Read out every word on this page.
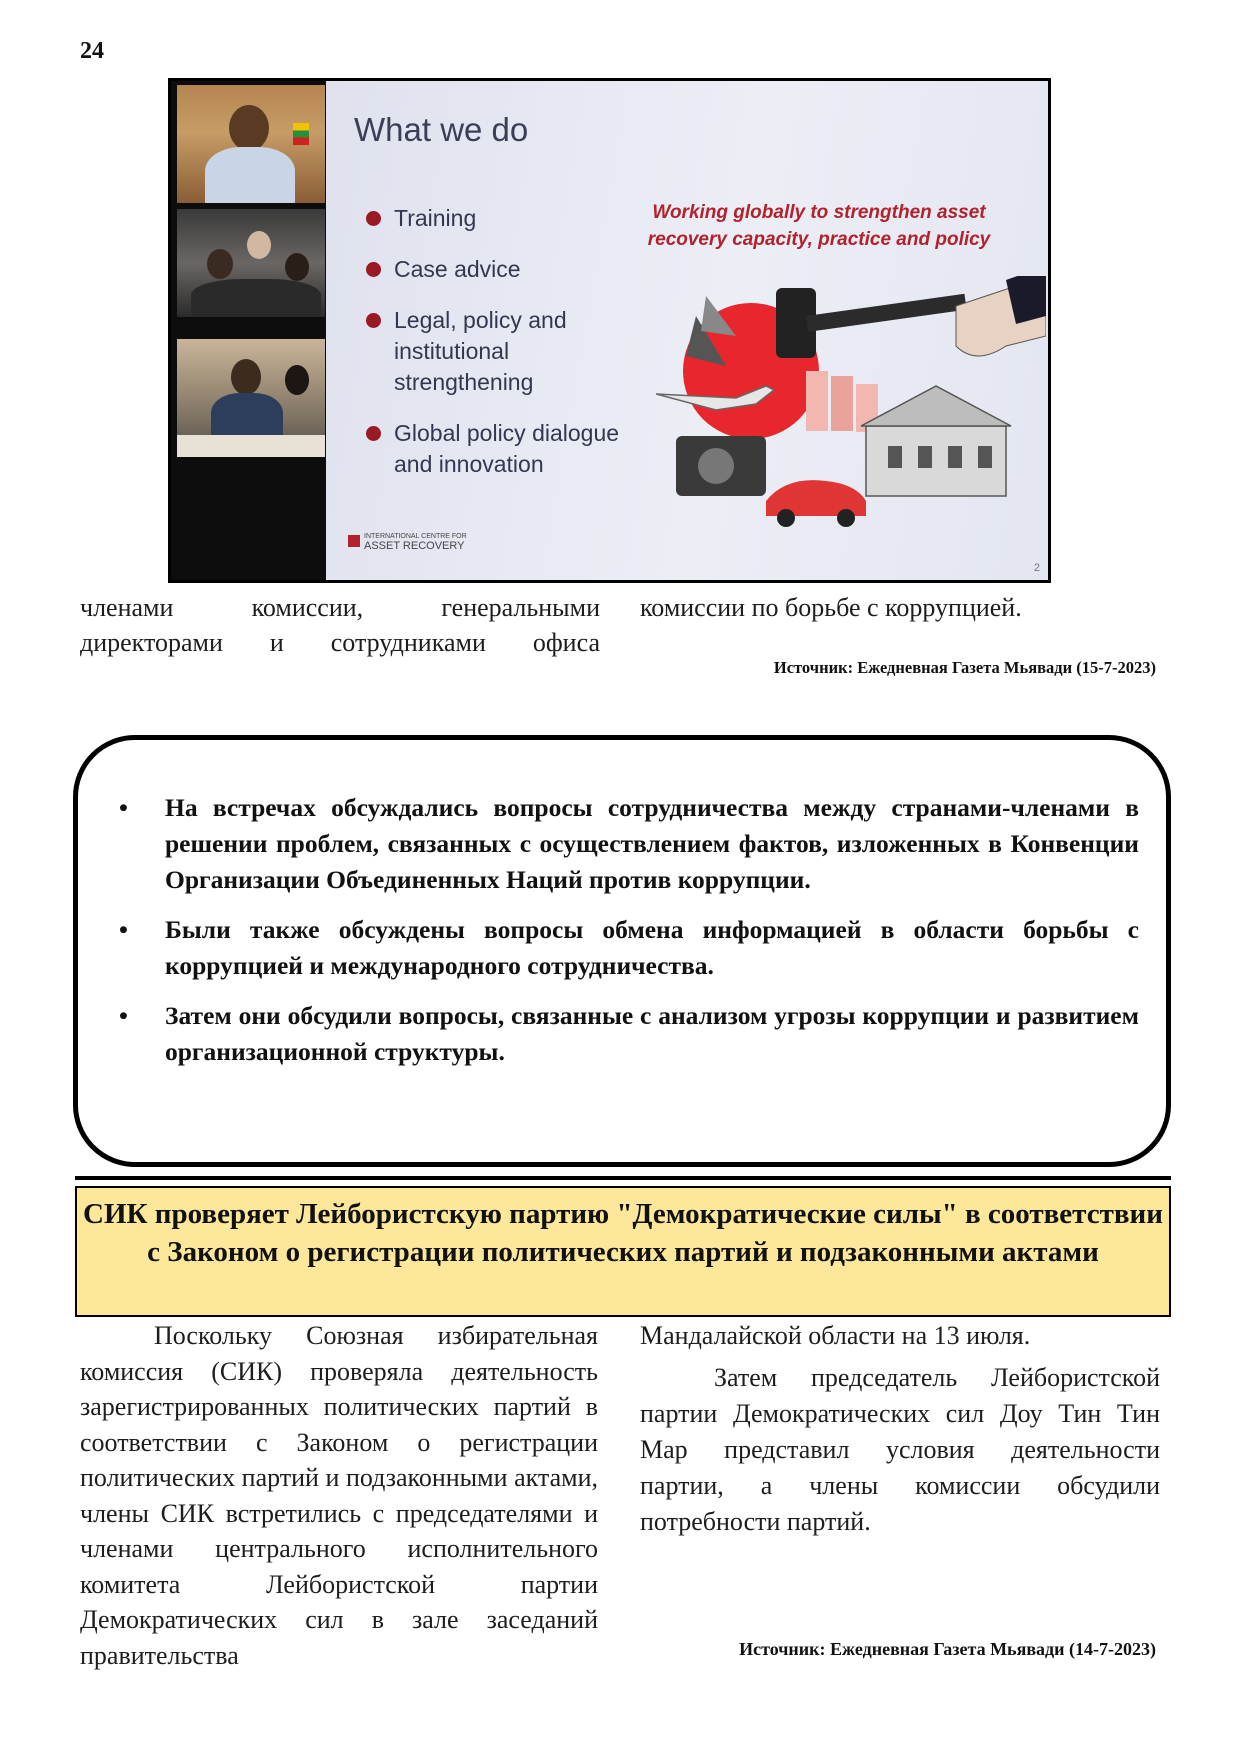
24
What we do
Training
Case advice
Legal, policy and institutional strengthening
Global policy dialogue and innovation
Working globally to strengthen asset recovery capacity, practice and policy
INTERNATIONAL CENTRE FOR
ASSET RECOVERY
2
членами комиссии, генеральными
директорами и сотрудниками офиса
комиссии по борьбе с коррупцией.
Источник: Ежедневная Газета Мьявади (15-7-2023)
• На встречах обсуждались вопросы сотрудничества между странами-членами в решении проблем, связанных с осуществлением фактов, изложенных в Конвенции Организации Объединенных Наций против коррупции.
• Были также обсуждены вопросы обмена информацией в области борьбы с коррупцией и международного сотрудничества.
• Затем они обсудили вопросы, связанные с анализом угрозы коррупции и развитием организационной структуры.
СИК проверяет Лейбористскую партию "Демократические силы" в соответствии с Законом о регистрации политических партий и подзаконными актами
Поскольку Союзная избирательная комиссия (СИК) проверяла деятельность зарегистрированных политических партий в соответствии с Законом о регистрации политических партий и подзаконными актами, члены СИК встретились с председателями и членами центрального исполнительного комитета Лейбористской партии Демократических сил в зале заседаний правительства
Мандалайской области на 13 июля.
Затем председатель Лейбористской партии Демократических сил Доу Тин Тин Мар представил условия деятельности партии, а члены комиссии обсудили потребности партий.
Источник: Ежедневная Газета Мьявади (14-7-2023)
